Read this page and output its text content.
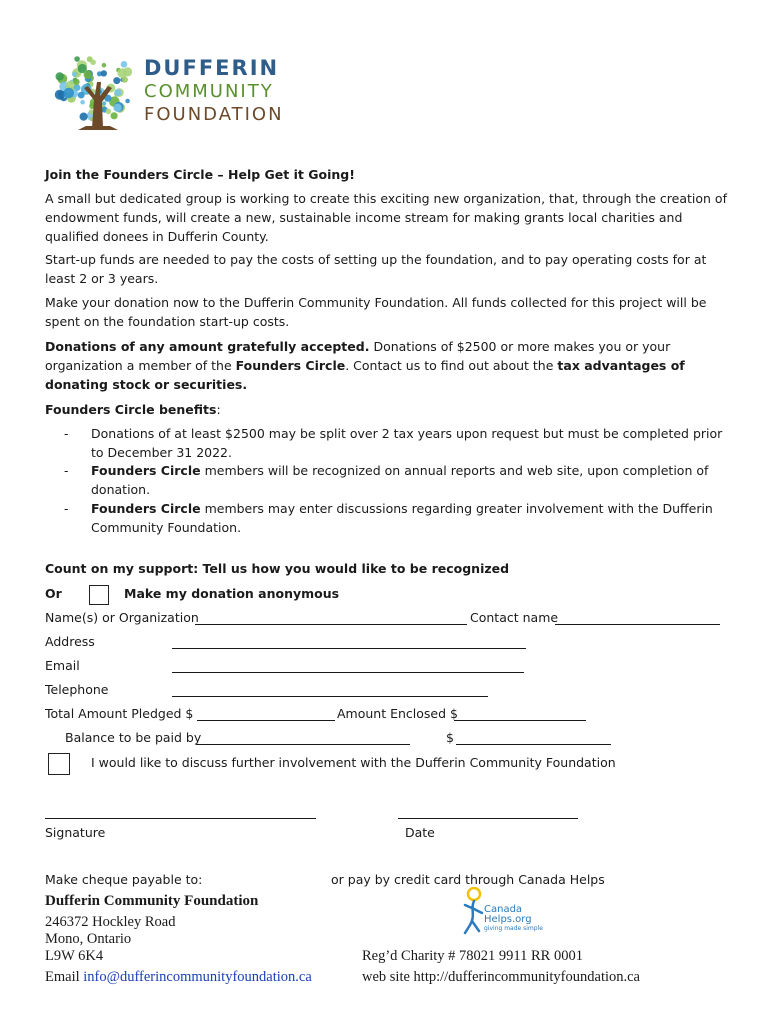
DUFFERIN
COMMUNITY
FOUNDATION
Join the Founders Circle – Help Get it Going!

A small but dedicated group is working to create this exciting new organization, that, through the creation of endowment funds, will create a new, sustainable income stream for making grants local charities and qualified donees in Dufferin County.

Start-up funds are needed to pay the costs of setting up the foundation, and to pay operating costs for at least 2 or 3 years.

Make your donation now to the Dufferin Community Foundation. All funds collected for this project will be spent on the foundation start-up costs.

Donations of any amount gratefully accepted. Donations of $2500 or more makes you or your organization a member of the Founders Circle. Contact us to find out about the tax advantages of donating stock or securities.

Founders Circle benefits:
- Donations of at least $2500 may be split over 2 tax years upon request but must be completed prior to December 31 2022.
- Founders Circle members will be recognized on annual reports and web site, upon completion of donation.
- Founders Circle members may enter discussions regarding greater involvement with the Dufferin Community Foundation.
Count on my support: Tell us how you would like to be recognized
Or	Make my donation anonymous
Name(s) or Organization	Contact name
Address
Email
Telephone
Total Amount Pledged $	Amount Enclosed $
Balance to be paid by	$
I would like to discuss further involvement with the Dufferin Community Foundation
Signature	Date
Make cheque payable to:	or pay by credit card through Canada Helps
Dufferin Community Foundation
246372 Hockley Road
Mono, Ontario
L9W 6K4
Email info@dufferincommunityfoundation.ca
Canada
Helps.org
giving made simple
Reg’d Charity # 78021 9911 RR 0001
web site http://dufferincommunityfoundation.ca
